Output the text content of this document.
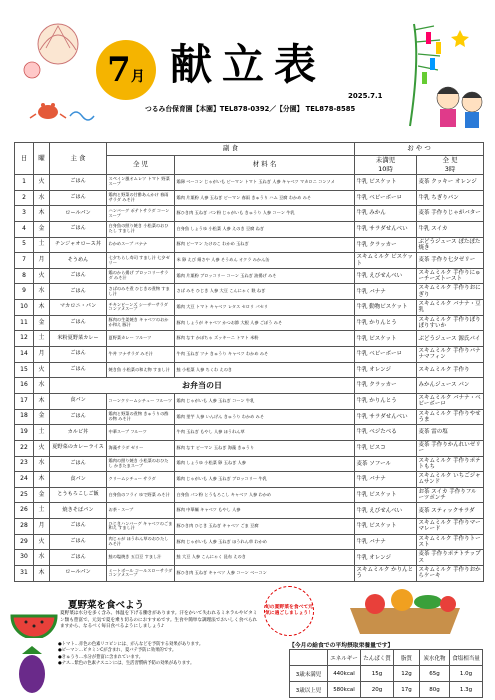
7 月 献立表
2025.7.1
つるみ台保育園【本園】TEL878-0392／【分園】 TEL878-8585
日	曜	主 食	副 食		お や つ	
			全 児	材 料 名	未満児	全 児
					10時	3時
1	火	ごはん	スペイン風オムレツ トマト 野菜スープ	鶏卵 ベーコン じゃがいも ピーマン トマト 玉ねぎ 人参 キャベツ マカロニ コンソメ	牛乳 ビスケット	麦茶 クッキー オレンジ
2	水	ごはん	鶏肉と野菜の甘酢あんかけ 春雨サラダ みそ汁	鶏肉 片栗粉 人参 玉ねぎ ピーマン 春雨 きゅうり ハム 豆腐 わかめ みそ	牛乳 ベビーボーロ	牛乳 ちぎりパン
3	木	ロールパン	ハンバーグ ポテトサラダ コーンスープ	豚ひき肉 玉ねぎ パン粉 じゃがいも きゅうり 人参 コーン 牛乳	牛乳 みかん	麦茶 手作りじゃがバター
4	金	ごはん	白身魚の照り焼き 小松菜のおひたし すまし汁	白身魚 しょうゆ 小松菜 人参 えのき 豆腐 ねぎ	牛乳 サラダせんべい	牛乳 スイカ
5	土	チンジャオロース丼	わかめスープ バナナ	豚肉 ピーマン たけのこ わかめ 玉ねぎ	牛乳 クラッカー	ぶどうジュース ぽたぽた焼き
7	月	そうめん	七夕ちらし寿司 すまし汁 七夕ゼリー	米 卵 えび 絹さや 人参 そうめん オクラ みかん缶	スキムミルク ビスケット	麦茶 手作り七夕ゼリー
8	火	ごはん	鶏のから揚げ ブロッコリーサラダ みそ汁	鶏肉 片栗粉 ブロッコリー コーン 玉ねぎ 油揚げ みそ	牛乳 えびせんべい	スキムミルク 手作りにゅーチーズトースト
9	水	ごはん	さばのみそ煮 ひじきの煮物 すまし汁	さば みそ ひじき 人参 大豆 こんにゃく 麩 ねぎ	牛乳 バナナ	スキムミルク 手作りおにぎり
10	木	マカロニ・パン	チキンビーンズ シーザーサラダ コンソメスープ	鶏肉 大豆 トマト キャベツ レタス セロリ パセリ	牛乳 動物ビスケット	スキムミルク バナナ・豆乳
11	金	ごはん	豚肉の生姜焼き キャベツのおかか和え 豚汁	豚肉 しょうが キャベツ かつお節 大根 人参 ごぼう みそ	牛乳 かりんとう	スキムミルク 手作りぽりぽりすいか
12	土	米粉夏野菜カレー	夏野菜カレー フルーツ	豚肉 なす かぼちゃ ズッキーニ トマト 米粉	牛乳 ピスケット	ぶどうジュース 源氏パイ
14	月	ごはん	牛丼 ツナサラダ みそ汁	牛肉 玉ねぎ ツナ きゅうり キャベツ わかめ みそ	牛乳 ベビーボーロ	スキムミルク 手作りバナナマフィン
15	火	ごはん	焼き魚 小松菜の和え物 すまし汁	鮭 小松菜 人参 ちくわ えのき	牛乳 オレンジ	スキムミルク 手作り
16	水	お弁当の日			牛乳 クラッカー	みかんジュース パン
17	木	食パン	コーンクリームシチュー フルーツ	鶏肉 じゃがいも 人参 玉ねぎ コーン 牛乳	牛乳 かりんとう	スキムミルク バナナ・ベビーボーロ
18	金	ごはん	鶏肉と野菜の煮物 きゅうりの酢の物 みそ汁	鶏肉 里芋 人参 いんげん きゅうり わかめ みそ	牛乳 サラダせんべい	スキムミルク 手作りやせうま
19	土	カルビ丼	中華スープ フルーツ	牛肉 玉ねぎ もやし 人参 ほうれん草	牛乳 べジたべる	麦茶 雷の塩
22	火	夏野菜のカレーライス	海藻サラダ ゼリー	豚肉 なす ピーマン 玉ねぎ 海藻 きゅうり	牛乳 ビスコ	麦茶 手作りかんれいゼリー
23	水	ごはん	鶏肉の照り焼き 小松菜のおひたし かきたまスープ	鶏肉 しょうゆ 小松菜 卵 玉ねぎ 人参	麦茶 ソフール	スキムミルク 手作りポテトもち
24	木	食パン	クリームシチュー サラダ	鶏肉 じゃがいも 人参 玉ねぎ ブロッコリー 牛乳	牛乳 バナナ	スキムミルク いちごジャムサンド
25	金	とうもろこしご飯	白身魚のフライ ゆで野菜 みそ汁	白身魚 パン粉 とうもろこし キャベツ 人参 わかめ	牛乳 ビスケット	お茶 スイカ 手作りフルーツポンチ
26	土	焼きそばパン	お茶・スープ	豚肉 中華麺 キャベツ もやし 人参	牛乳 えびせんべい	麦茶 スティックサラダ
28	月	ごはん	ひじきハンバーグ キャベツのごま和え すまし汁	豚ひき肉 ひじき 玉ねぎ キャベツ ごま 豆腐	牛乳 ビスケット	スキムミルク 手作りマーマレード
29	火	ごはん	肉じゃが ほうれん草のおひたし みそ汁	豚肉 じゃがいも 人参 玉ねぎ ほうれん草 わかめ	牛乳 バナナ	スキムミルク 手作りトースト
30	水	ごはん	鮭の塩焼き 五目豆 すまし汁	鮭 大豆 人参 こんにゃく 昆布 えのき	牛乳 オレンジ	麦茶 手作りポテトチップス
31	木	ロールパン	ミートボール コールスローサラダ コンソメスープ	豚ひき肉 玉ねぎ キャベツ 人参 コーン ベーコン	スキムミルク かりんとう	スキムミルク 手作りおからケーキ
夏野菜を食べよう
夏野菜は水分を多く含み、体温を下げる働きがあります。汗をかいて失われるミネラルやビタミン類も豊富で、元気で夏を乗り切るのにおすすめです。生食や簡単な調理法でおいしく食べられますから、なるべく毎日食べるようにしましょう♪
●トマト…赤色の色素リコピンには、がんなどを予防する効果があります。
●ピーマン…ビタミンCが含まれ、夏バテ予防に効果的です。
●きゅうり…水分が豊富に含まれています。
●ナス…紫色の色素ナスニンには、生活習慣病予防の効果があります。
旬の夏野菜を食べて元気に過ごしましょう！
【今月の給食での平均摂取栄養量です】
	エネルギー	たんぱく質	脂質	炭水化物	食塩相当量
3歳未満児	440kcal	15g	12g	65g	1.0g
3歳以上児	580kcal	20g	17g	80g	1.3g
